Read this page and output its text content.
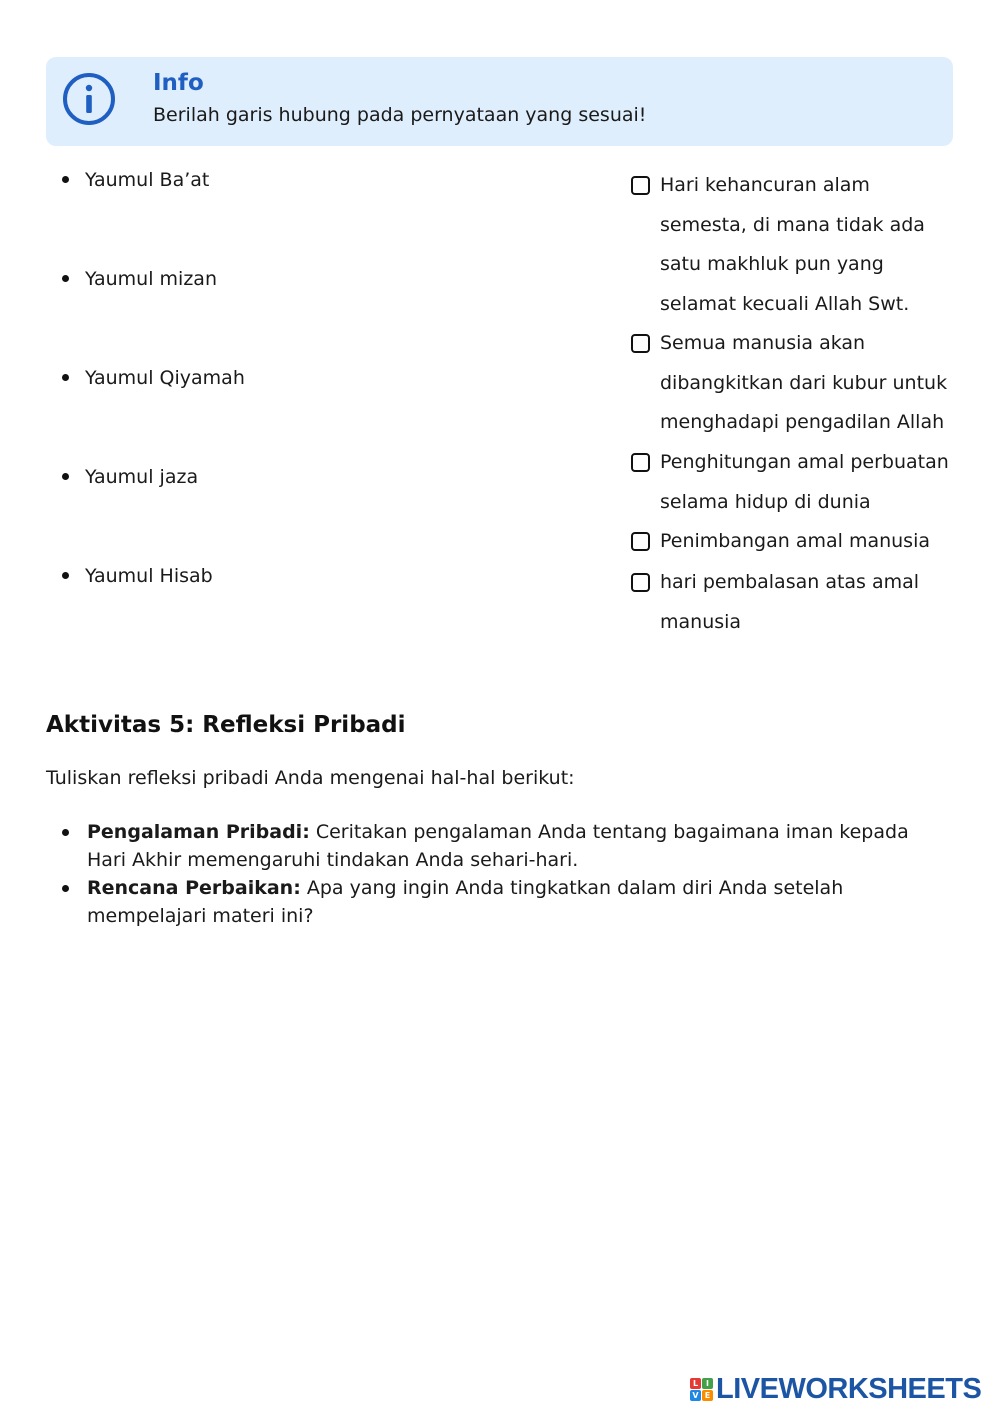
Info
Berilah garis hubung pada pernyataan yang sesuai!
Yaumul Ba’at
Yaumul mizan
Yaumul Qiyamah
Yaumul jaza
Yaumul Hisab
Hari kehancuran alam
semesta, di mana tidak ada
satu makhluk pun yang
selamat kecuali Allah Swt.
Semua manusia akan
dibangkitkan dari kubur untuk
menghadapi pengadilan Allah
Penghitungan amal perbuatan
selama hidup di dunia
Penimbangan amal manusia
hari pembalasan atas amal
manusia
Aktivitas 5: Refleksi Pribadi
Tuliskan refleksi pribadi Anda mengenai hal-hal berikut:
Pengalaman Pribadi: Ceritakan pengalaman Anda tentang bagaimana iman kepada Hari Akhir memengaruhi tindakan Anda sehari-hari.
Rencana Perbaikan: Apa yang ingin Anda tingkatkan dalam diri Anda setelah mempelajari materi ini?
L I
V E LIVEWORKSHEETS
